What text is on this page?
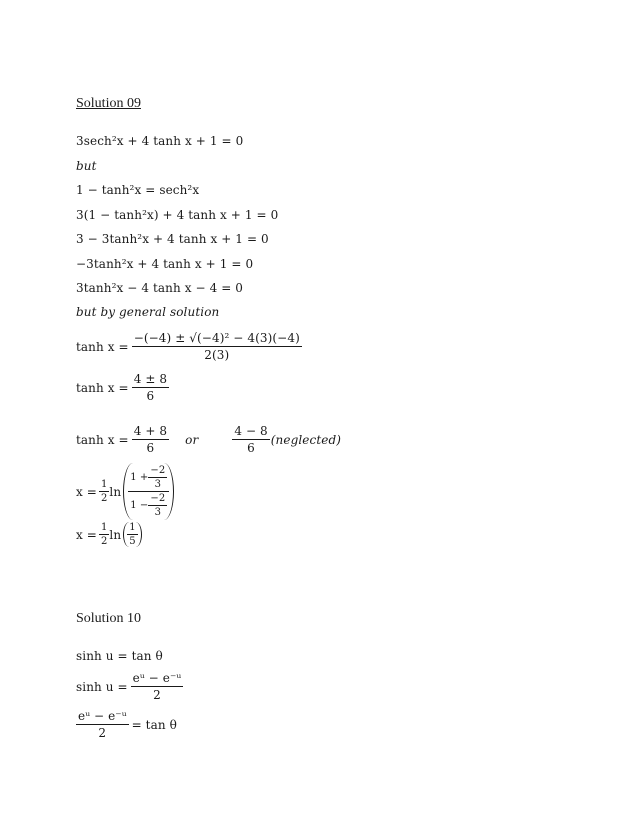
Solution 09
3sech²x + 4 tanh x + 1 = 0
but
1 − tanh²x = sech²x
3(1 − tanh²x) + 4 tanh x + 1 = 0
3 − 3tanh²x + 4 tanh x + 1 = 0
−3tanh²x + 4 tanh x + 1 = 0
3tanh²x − 4 tanh x − 4 = 0
but by general solution
$\tanh x = \frac{\text{−(−4) ± √(−4)² − 4(3)(−4)}}{2(3)}$
$\tanh x = \frac{4 \pm 8}{6}$
$\tanh x = \frac{4 + 8}{6}$ or	$\frac{4 - 8}{6}$ (neglected)
$x = \frac{1}{2}$ $\ln \frac{1 + \frac{-2}{3}}{1 - \frac{-2}{3}}$
$x = \frac{1}{2}$ $\ln \frac{1}{5}$
Solution 10
sinh u = tan θ
$\sinh u = \frac{\text{eᵘ − e⁻ᵘ}}{2}$
$\frac{\text{eᵘ − e⁻ᵘ}}{2} = \tan \theta$
